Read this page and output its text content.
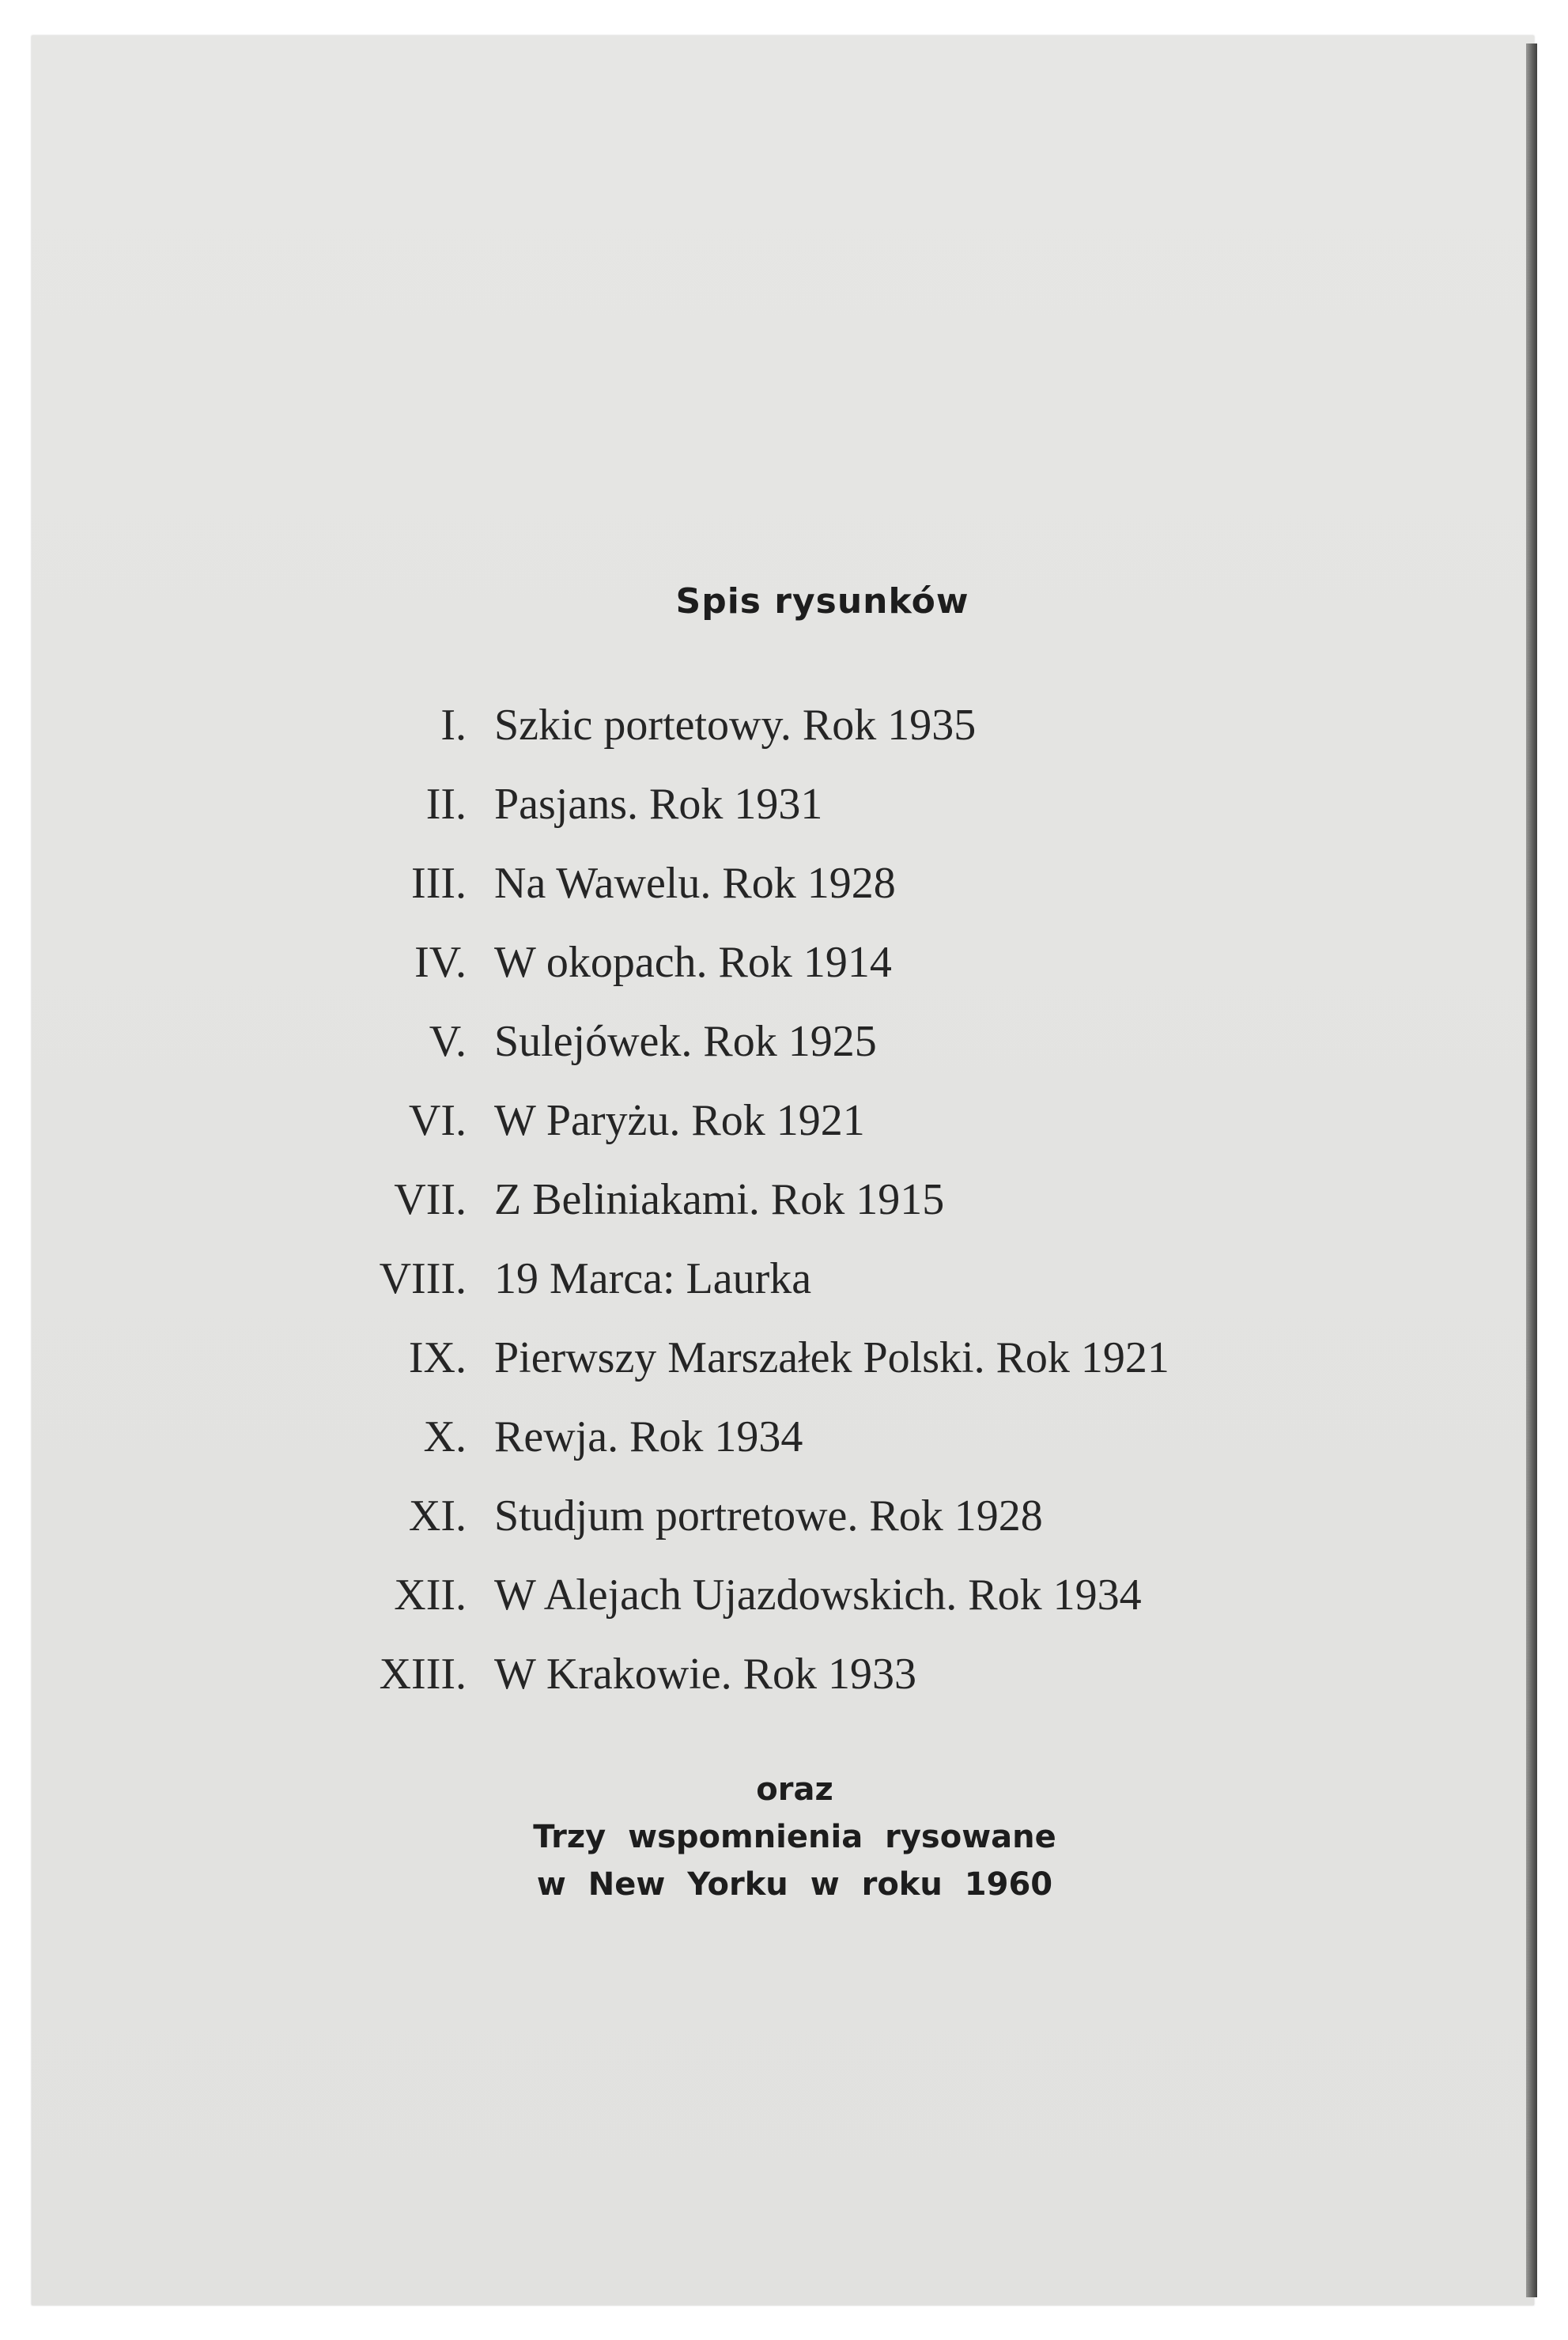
Spis rysunków
I. Szkic portetowy. Rok 1935
II. Pasjans. Rok 1931
III. Na Wawelu. Rok 1928
IV. W okopach. Rok 1914
V. Sulejówek. Rok 1925
VI. W Paryżu. Rok 1921
VII. Z Beliniakami. Rok 1915
VIII. 19 Marca: Laurka
IX. Pierwszy Marszałek Polski. Rok 1921
X. Rewja. Rok 1934
XI. Studjum portretowe. Rok 1928
XII. W Alejach Ujazdowskich. Rok 1934
XIII. W Krakowie. Rok 1933
oraz
Trzy wspomnienia rysowane
w New Yorku w roku 1960
